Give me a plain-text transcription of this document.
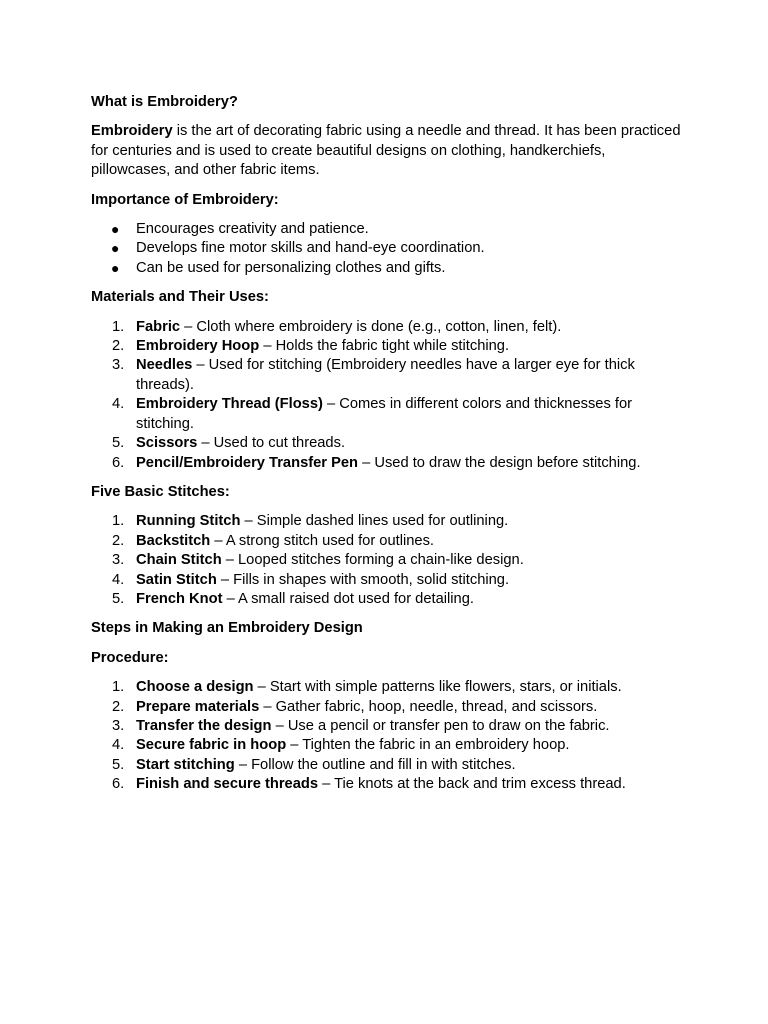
What is Embroidery?

Embroidery is the art of decorating fabric using a needle and thread. It has been practiced for centuries and is used to create beautiful designs on clothing, handkerchiefs, pillowcases, and other fabric items.

Importance of Embroidery:

● Encourages creativity and patience.
● Develops fine motor skills and hand-eye coordination.
● Can be used for personalizing clothes and gifts.

Materials and Their Uses:

1. Fabric – Cloth where embroidery is done (e.g., cotton, linen, felt).
2. Embroidery Hoop – Holds the fabric tight while stitching.
3. Needles – Used for stitching (Embroidery needles have a larger eye for thick threads).
4. Embroidery Thread (Floss) – Comes in different colors and thicknesses for stitching.
5. Scissors – Used to cut threads.
6. Pencil/Embroidery Transfer Pen – Used to draw the design before stitching.

Five Basic Stitches:

1. Running Stitch – Simple dashed lines used for outlining.
2. Backstitch – A strong stitch used for outlines.
3. Chain Stitch – Looped stitches forming a chain-like design.
4. Satin Stitch – Fills in shapes with smooth, solid stitching.
5. French Knot – A small raised dot used for detailing.

Steps in Making an Embroidery Design

Procedure:

1. Choose a design – Start with simple patterns like flowers, stars, or initials.
2. Prepare materials – Gather fabric, hoop, needle, thread, and scissors.
3. Transfer the design – Use a pencil or transfer pen to draw on the fabric.
4. Secure fabric in hoop – Tighten the fabric in an embroidery hoop.
5. Start stitching – Follow the outline and fill in with stitches.
6. Finish and secure threads – Tie knots at the back and trim excess thread.
